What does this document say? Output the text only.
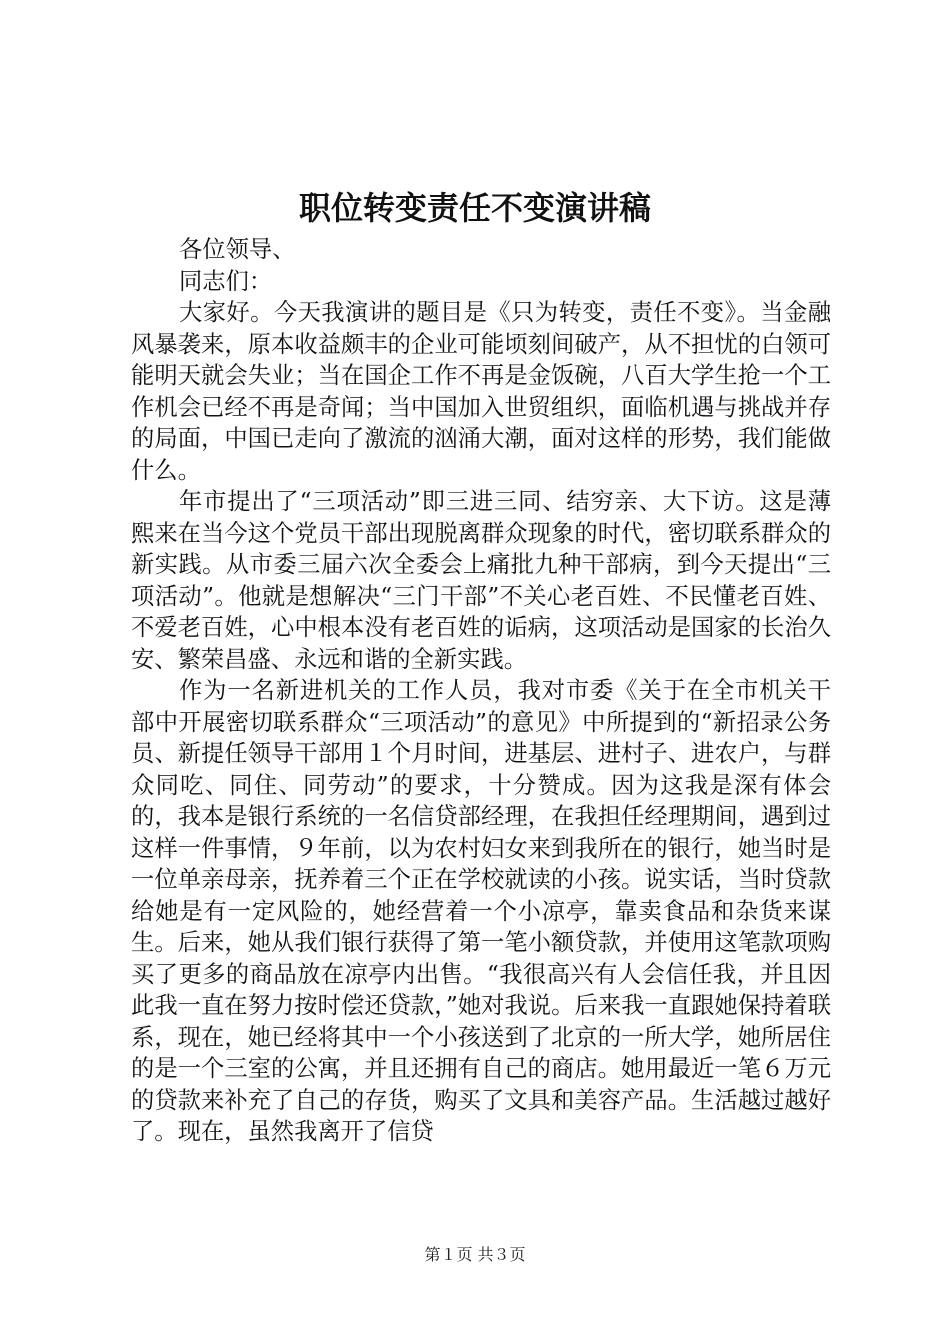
职位转变责任不变演讲稿

各位领导、

同志们：

大家好。今天我演讲的题目是《只为转变，责任不变》。当金融风暴袭来，原本收益颇丰的企业可能顷刻间破产，从不担忧的白领可能明天就会失业；当在国企工作不再是金饭碗，八百大学生抢一个工作机会已经不再是奇闻；当中国加入世贸组织，面临机遇与挑战并存的局面，中国已走向了激流的汹涌大潮，面对这样的形势，我们能做什么。

年市提出了“三项活动”即三进三同、结穷亲、大下访。这是薄熙来在当今这个党员干部出现脱离群众现象的时代，密切联系群众的新实践。从市委三届六次全委会上痛批九种干部病，到今天提出“三项活动”。他就是想解决“三门干部”不关心老百姓、不民懂老百姓、不爱老百姓，心中根本没有老百姓的诟病，这项活动是国家的长治久安、繁荣昌盛、永远和谐的全新实践。

作为一名新进机关的工作人员，我对市委《关于在全市机关干部中开展密切联系群众“三项活动”的意见》中所提到的“新招录公务员、新提任领导干部用１个月时间，进基层、进村子、进农户，与群众同吃、同住、同劳动”的要求，十分赞成。因为这我是深有体会的，我本是银行系统的一名信贷部经理，在我担任经理期间，遇到过这样一件事情，９年前，以为农村妇女来到我所在的银行，她当时是一位单亲母亲，抚养着三个正在学校就读的小孩。说实话，当时贷款给她是有一定风险的，她经营着一个小凉亭，靠卖食品和杂货来谋生。后来，她从我们银行获得了第一笔小额贷款，并使用这笔款项购买了更多的商品放在凉亭内出售。“我很高兴有人会信任我，并且因此我一直在努力按时偿还贷款，”她对我说。后来我一直跟她保持着联系，现在，她已经将其中一个小孩送到了北京的一所大学，她所居住的是一个三室的公寓，并且还拥有自己的商店。她用最近一笔６万元的贷款来补充了自己的存货，购买了文具和美容产品。生活越过越好了。现在，虽然我离开了信贷

第１页 共３页
